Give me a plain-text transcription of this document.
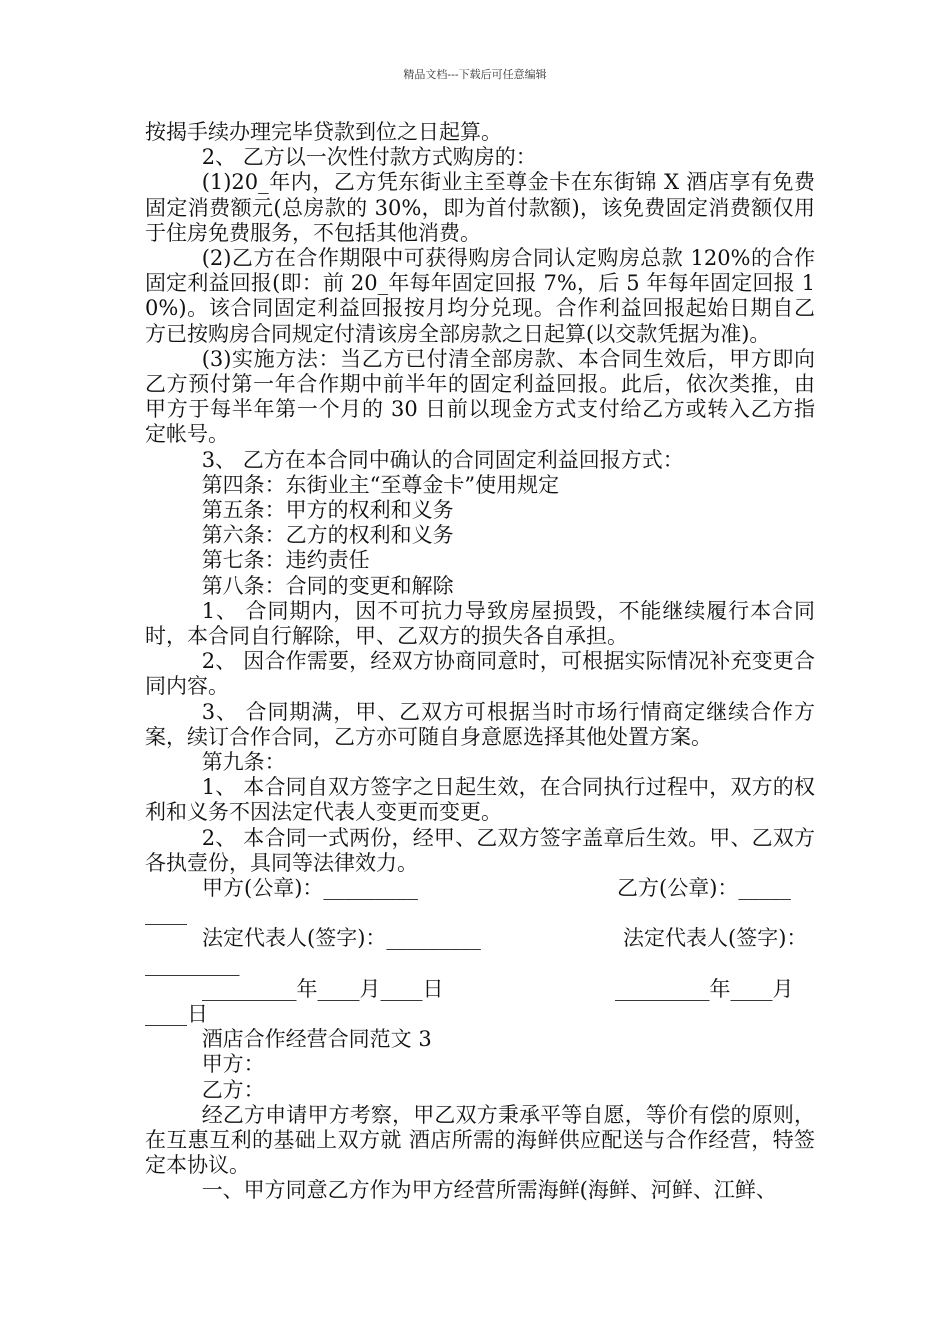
精品文档---下载后可任意编辑

按揭手续办理完毕贷款到位之日起算。

2、 乙方以一次性付款方式购房的：

(1)20_年内，乙方凭东街业主至尊金卡在东街锦 X 酒店享有免费固定消费额元(总房款的 30%，即为首付款额)，该免费固定消费额仅用于住房免费服务，不包括其他消费。

(2)乙方在合作期限中可获得购房合同认定购房总款 120%的合作固定利益回报(即：前 20_年每年固定回报 7%，后 5 年每年固定回报 10%)。该合同固定利益回报按月均分兑现。合作利益回报起始日期自乙方已按购房合同规定付清该房全部房款之日起算(以交款凭据为准)。

(3)实施方法：当乙方已付清全部房款、本合同生效后，甲方即向乙方预付第一年合作期中前半年的固定利益回报。此后，依次类推，由甲方于每半年第一个月的 30 日前以现金方式支付给乙方或转入乙方指定帐号。

3、 乙方在本合同中确认的合同固定利益回报方式：

第四条：东街业主“至尊金卡”使用规定

第五条：甲方的权利和义务

第六条：乙方的权利和义务

第七条：违约责任

第八条：合同的变更和解除

1、 合同期内，因不可抗力导致房屋损毁，不能继续履行本合同时，本合同自行解除，甲、乙双方的损失各自承担。

2、 因合作需要，经双方协商同意时，可根据实际情况补充变更合同内容。

3、 合同期满，甲、乙双方可根据当时市场行情商定继续合作方案，续订合作合同，乙方亦可随自身意愿选择其他处置方案。

第九条：

1、 本合同自双方签字之日起生效，在合同执行过程中，双方的权利和义务不因法定代表人变更而变更。

2、 本合同一式两份，经甲、乙双方签字盖章后生效。甲、乙双方各执壹份，具同等法律效力。

甲方(公章)：_________	乙方(公章)：_____
____
法定代表人(签字)：_________	法定代表人(签字)：
_________
_________年____月____日	_________年____月
____日

酒店合作经营合同范文 3

甲方：

乙方：

经乙方申请甲方考察，甲乙双方秉承平等自愿，等价有偿的原则，在互惠互利的基础上双方就 酒店所需的海鲜供应配送与合作经营，特签定本协议。

一、甲方同意乙方作为甲方经营所需海鲜(海鲜、河鲜、江鲜、
